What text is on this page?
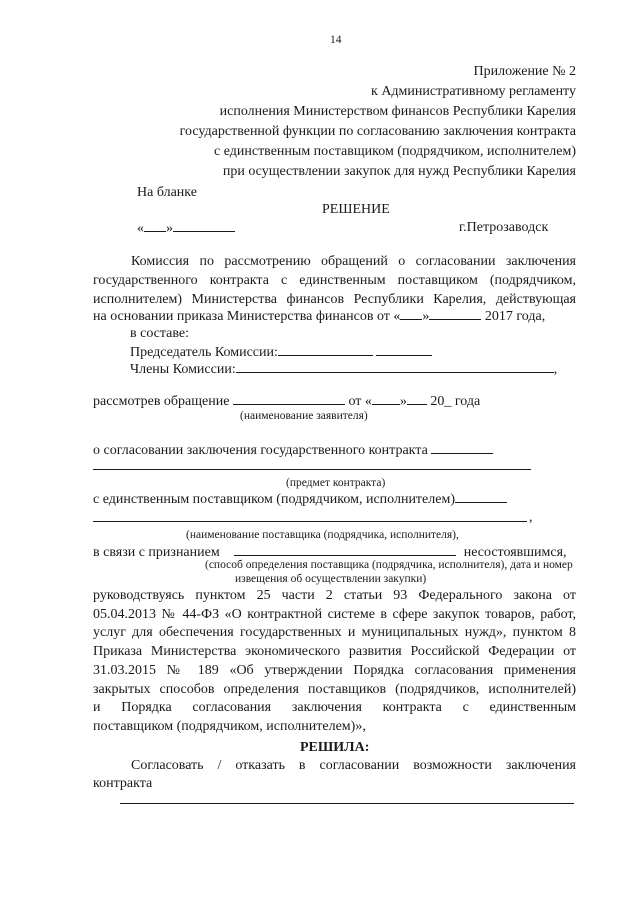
14
Приложение № 2
к Административному регламенту
исполнения Министерством финансов Республики Карелия
государственной функции по согласованию заключения контракта
с единственным поставщиком (подрядчиком, исполнителем)
при осуществлении закупок для нужд Республики Карелия
На бланке
РЕШЕНИЕ
« »	г.Петрозаводск
Комиссия по рассмотрению обращений о согласовании заключения
государственного контракта с единственным поставщиком (подрядчиком,
исполнителем) Министерства финансов Республики Карелия, действующая
на основании приказа Министерства финансов от « »	2017 года,
в составе:
Председатель Комиссии:
Члены Комиссии:	,
рассмотрев обращение	от « » 20_ года
(наименование заявителя)
о согласовании заключения государственного контракта
(предмет контракта)
с единственным поставщиком (подрядчиком, исполнителем)
,
(наименование поставщика (подрядчика, исполнителя),
в связи с признанием	несостоявшимся,
(способ определения поставщика (подрядчика, исполнителя), дата и номер
извещения об осуществлении закупки)
руководствуясь пунктом 25 части 2 статьи 93 Федерального закона от
05.04.2013 № 44-ФЗ «О контрактной системе в сфере закупок товаров, работ,
услуг для обеспечения государственных и муниципальных нужд», пунктом 8
Приказа Министерства экономического развития Российской Федерации от
31.03.2015 № 189 «Об утверждении Порядка согласования применения
закрытых способов определения поставщиков (подрядчиков, исполнителей)
и Порядка согласования заключения контракта с единственным
поставщиком (подрядчиком, исполнителем)»,
РЕШИЛА:
Согласовать / отказать в согласовании возможности заключения
контракта
